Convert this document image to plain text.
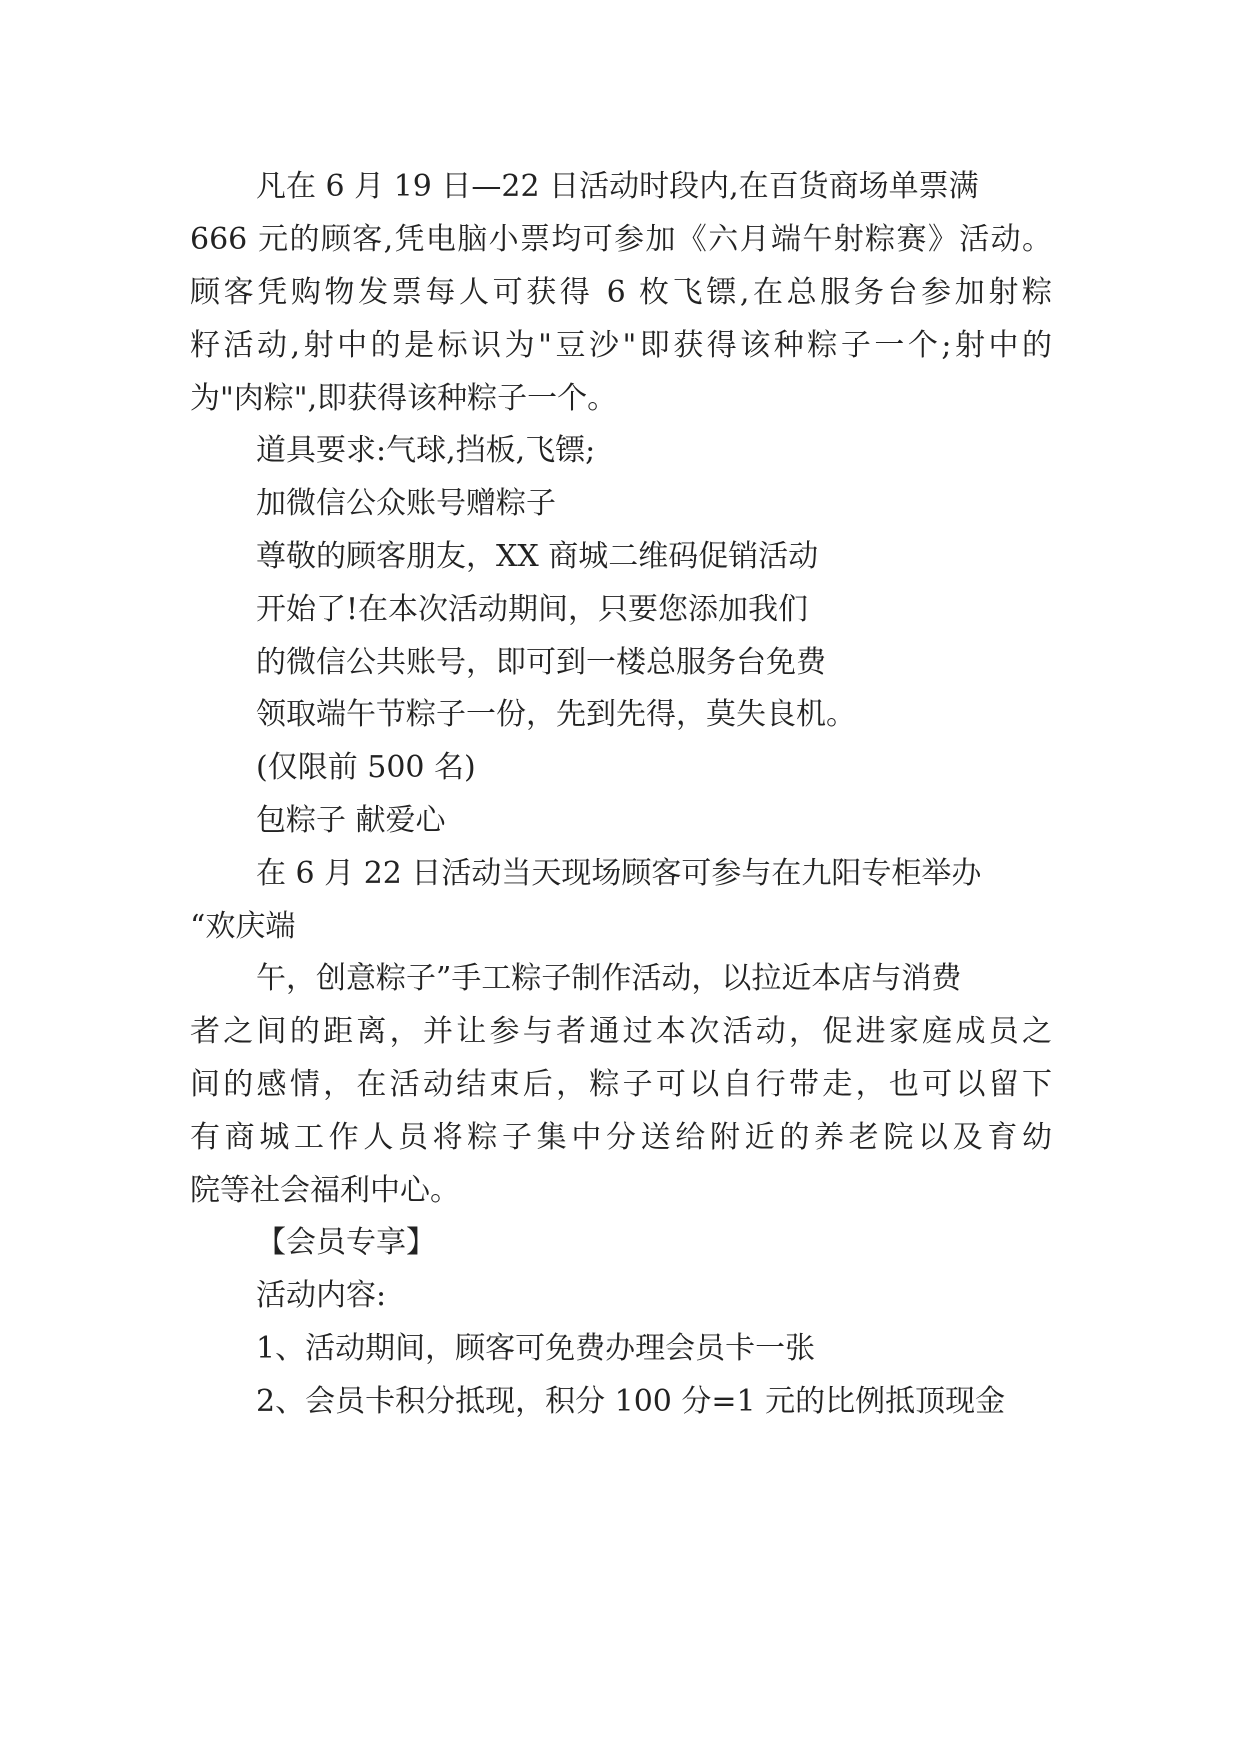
凡在 6 月 19 日—22 日活动时段内,在百货商场单票满
666 元的顾客,凭电脑小票均可参加《六月端午射粽赛》活动。
顾客凭购物发票每人可获得 6 枚飞镖,在总服务台参加射粽
籽活动,射中的是标识为"豆沙"即获得该种粽子一个;射中的
为"肉粽",即获得该种粽子一个。
道具要求:气球,挡板,飞镖;
加微信公众账号赠粽子
尊敬的顾客朋友，XX 商城二维码促销活动
开始了!在本次活动期间，只要您添加我们
的微信公共账号，即可到一楼总服务台免费
领取端午节粽子一份，先到先得，莫失良机。
(仅限前 500 名)
包粽子 献爱心
在 6 月 22 日活动当天现场顾客可参与在九阳专柜举办
“欢庆端
午，创意粽子”手工粽子制作活动，以拉近本店与消费
者之间的距离，并让参与者通过本次活动，促进家庭成员之
间的感情，在活动结束后，粽子可以自行带走，也可以留下
有商城工作人员将粽子集中分送给附近的养老院以及育幼
院等社会福利中心。
【会员专享】
活动内容:
1、活动期间，顾客可免费办理会员卡一张
2、会员卡积分抵现，积分 100 分=1 元的比例抵顶现金
